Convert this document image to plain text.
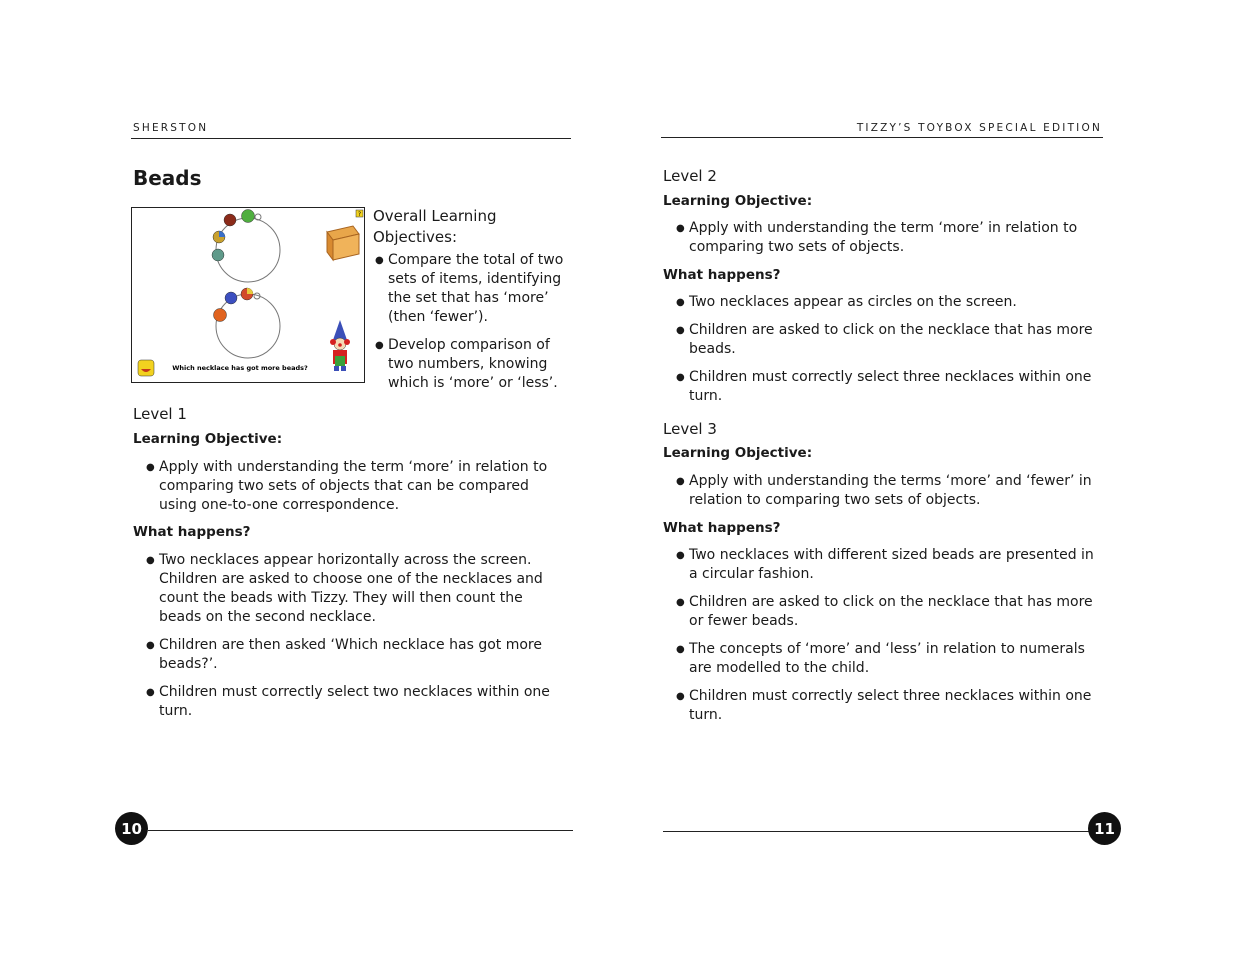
SHERSTON	TIZZY’S TOYBOX SPECIAL EDITION
Beads
?
Which necklace has got more beads?
Overall Learning
Objectives:
● Compare the total of two sets of items, identifying the set that has ‘more’ (then ‘fewer’).
● Develop comparison of two numbers, knowing which is ‘more’ or ‘less’.
Level 1
Learning Objective:
● Apply with understanding the term ‘more’ in relation to comparing two sets of objects that can be compared using one-to-one correspondence.
What happens?
● Two necklaces appear horizontally across the screen. Children are asked to choose one of the necklaces and count the beads with Tizzy. They will then count the beads on the second necklace.
● Children are then asked ‘Which necklace has got more beads?’.
● Children must correctly select two necklaces within one turn.
10
Level 2
Learning Objective:
● Apply with understanding the term ‘more’ in relation to comparing two sets of objects.
What happens?
● Two necklaces appear as circles on the screen.
● Children are asked to click on the necklace that has more beads.
● Children must correctly select three necklaces within one turn.
Level 3
Learning Objective:
● Apply with understanding the terms ‘more’ and ‘fewer’ in relation to comparing two sets of objects.
What happens?
● Two necklaces with different sized beads are presented in a circular fashion.
● Children are asked to click on the necklace that has more or fewer beads.
● The concepts of ‘more’ and ‘less’ in relation to numerals are modelled to the child.
● Children must correctly select three necklaces within one turn.
11
